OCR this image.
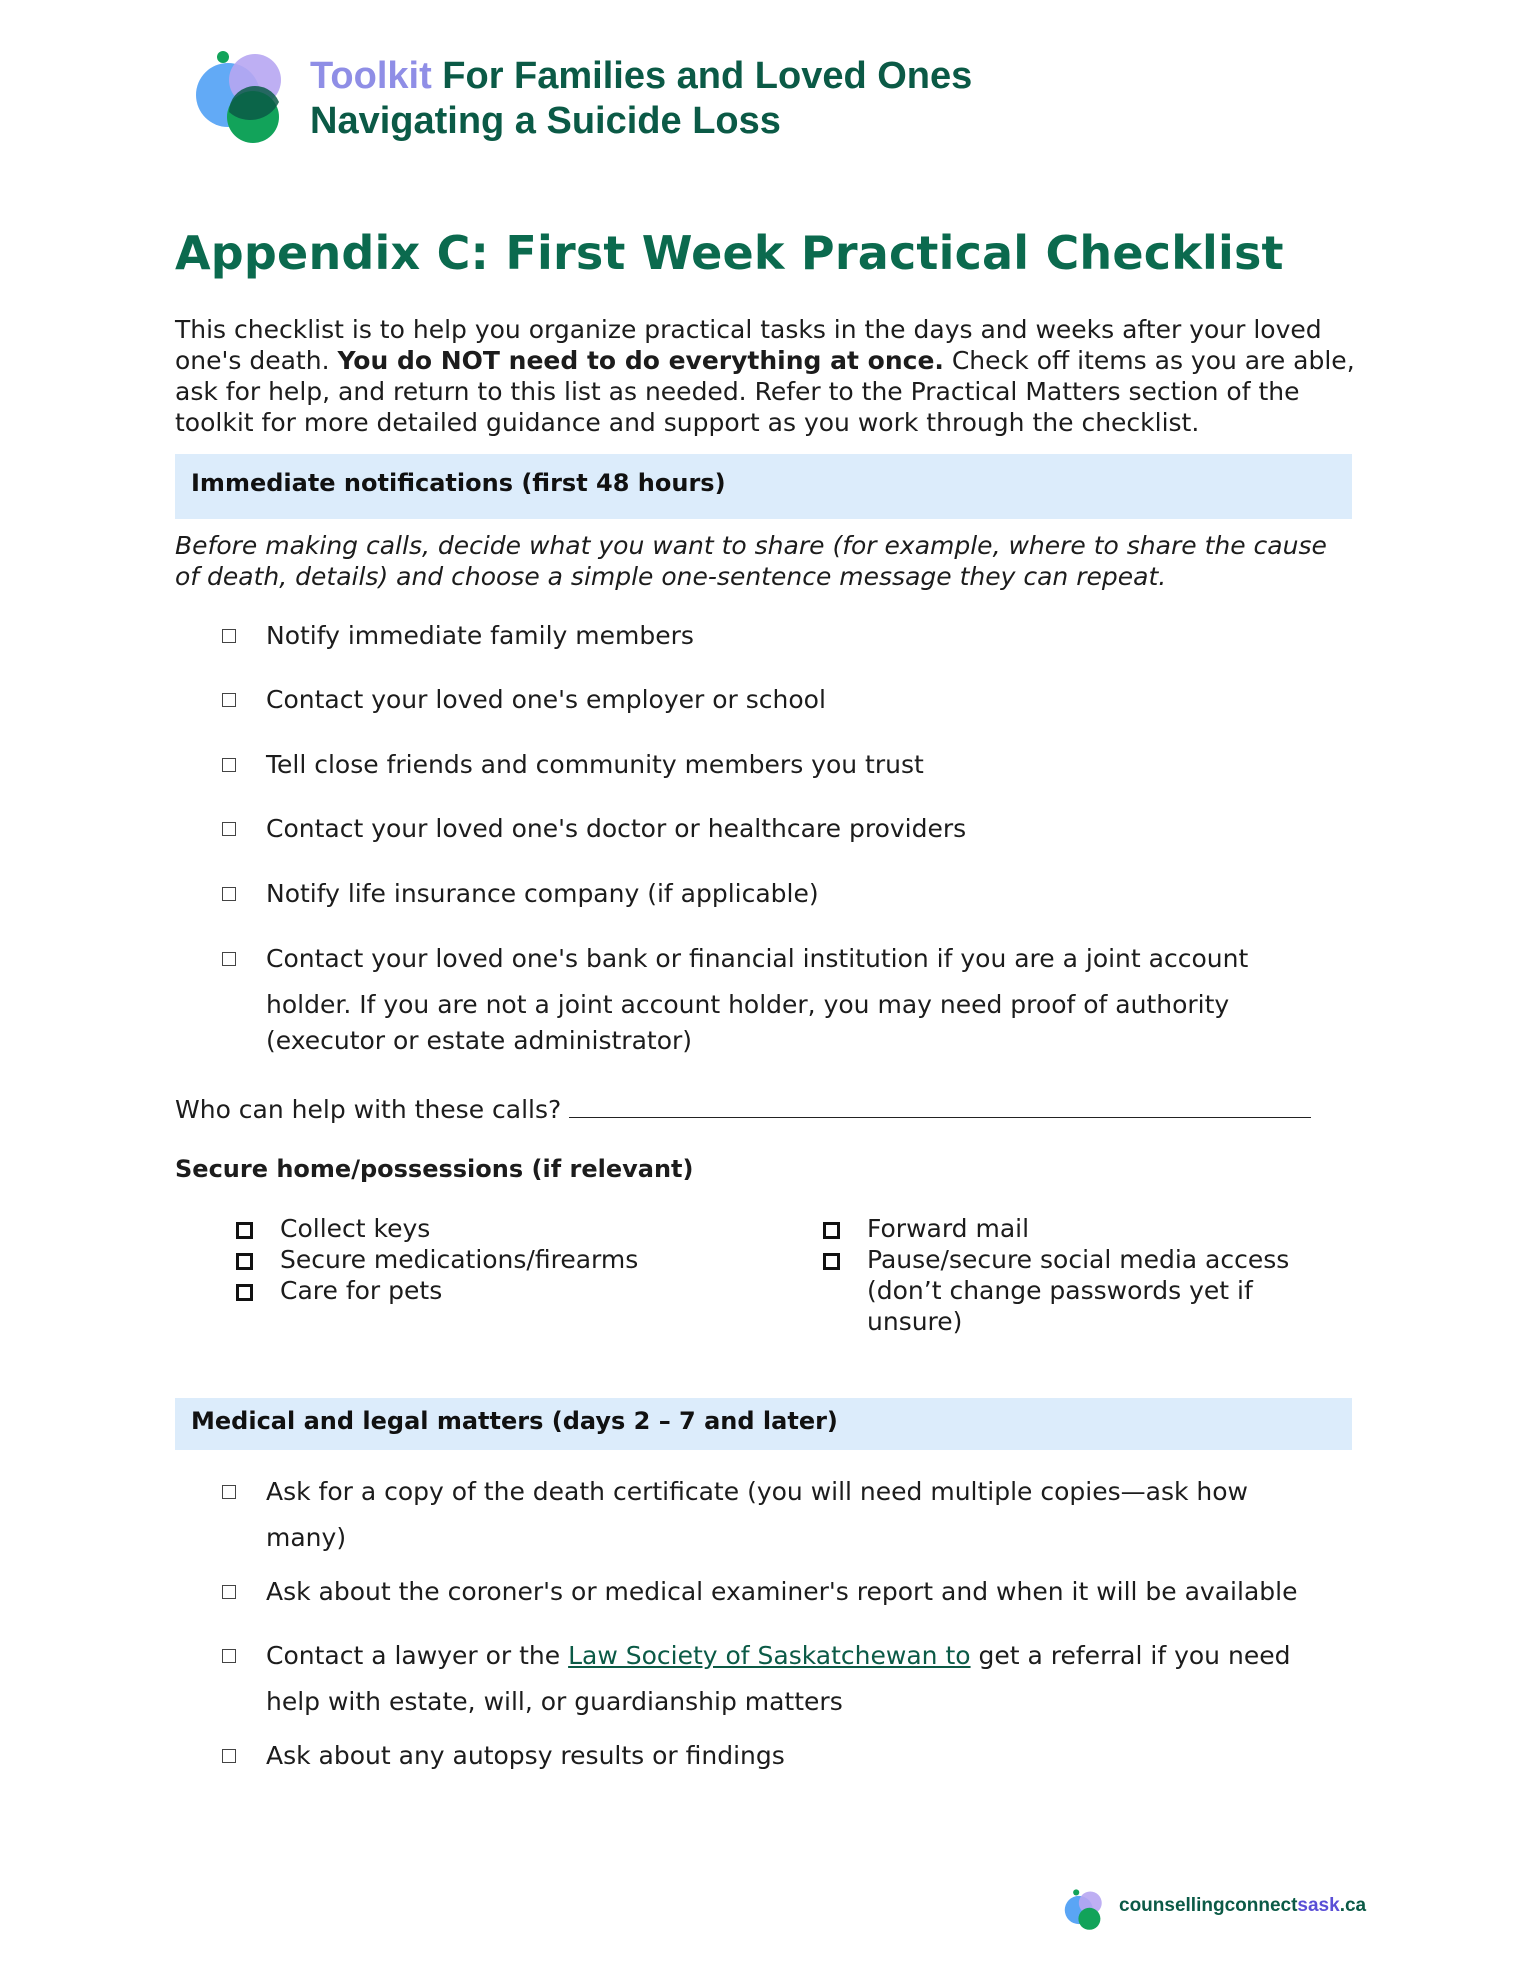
Toolkit For Families and Loved Ones
Navigating a Suicide Loss
Appendix C: First Week Practical Checklist

This checklist is to help you organize practical tasks in the days and weeks after your loved one's death. You do NOT need to do everything at once. Check off items as you are able, ask for help, and return to this list as needed. Refer to the Practical Matters section of the toolkit for more detailed guidance and support as you work through the checklist.

Immediate notifications (first 48 hours)

Before making calls, decide what you want to share (for example, where to share the cause of death, details) and choose a simple one-sentence message they can repeat.

Notify immediate family members
Contact your loved one's employer or school
Tell close friends and community members you trust
Contact your loved one's doctor or healthcare providers
Notify life insurance company (if applicable)
Contact your loved one's bank or financial institution if you are a joint account
holder. If you are not a joint account holder, you may need proof of authority
(executor or estate administrator)
Who can help with these calls?
Secure home/possessions (if relevant)
Collect keys
Secure medications/firearms
Care for pets
Forward mail
Pause/secure social media access (don’t change passwords yet if unsure)
Medical and legal matters (days 2 – 7 and later)
Ask for a copy of the death certificate (you will need multiple copies—ask how
many)
Ask about the coroner's or medical examiner's report and when it will be available
Contact a lawyer or the Law Society of Saskatchewan to get a referral if you need
help with estate, will, or guardianship matters
Ask about any autopsy results or findings
counsellingconnectsask.ca
